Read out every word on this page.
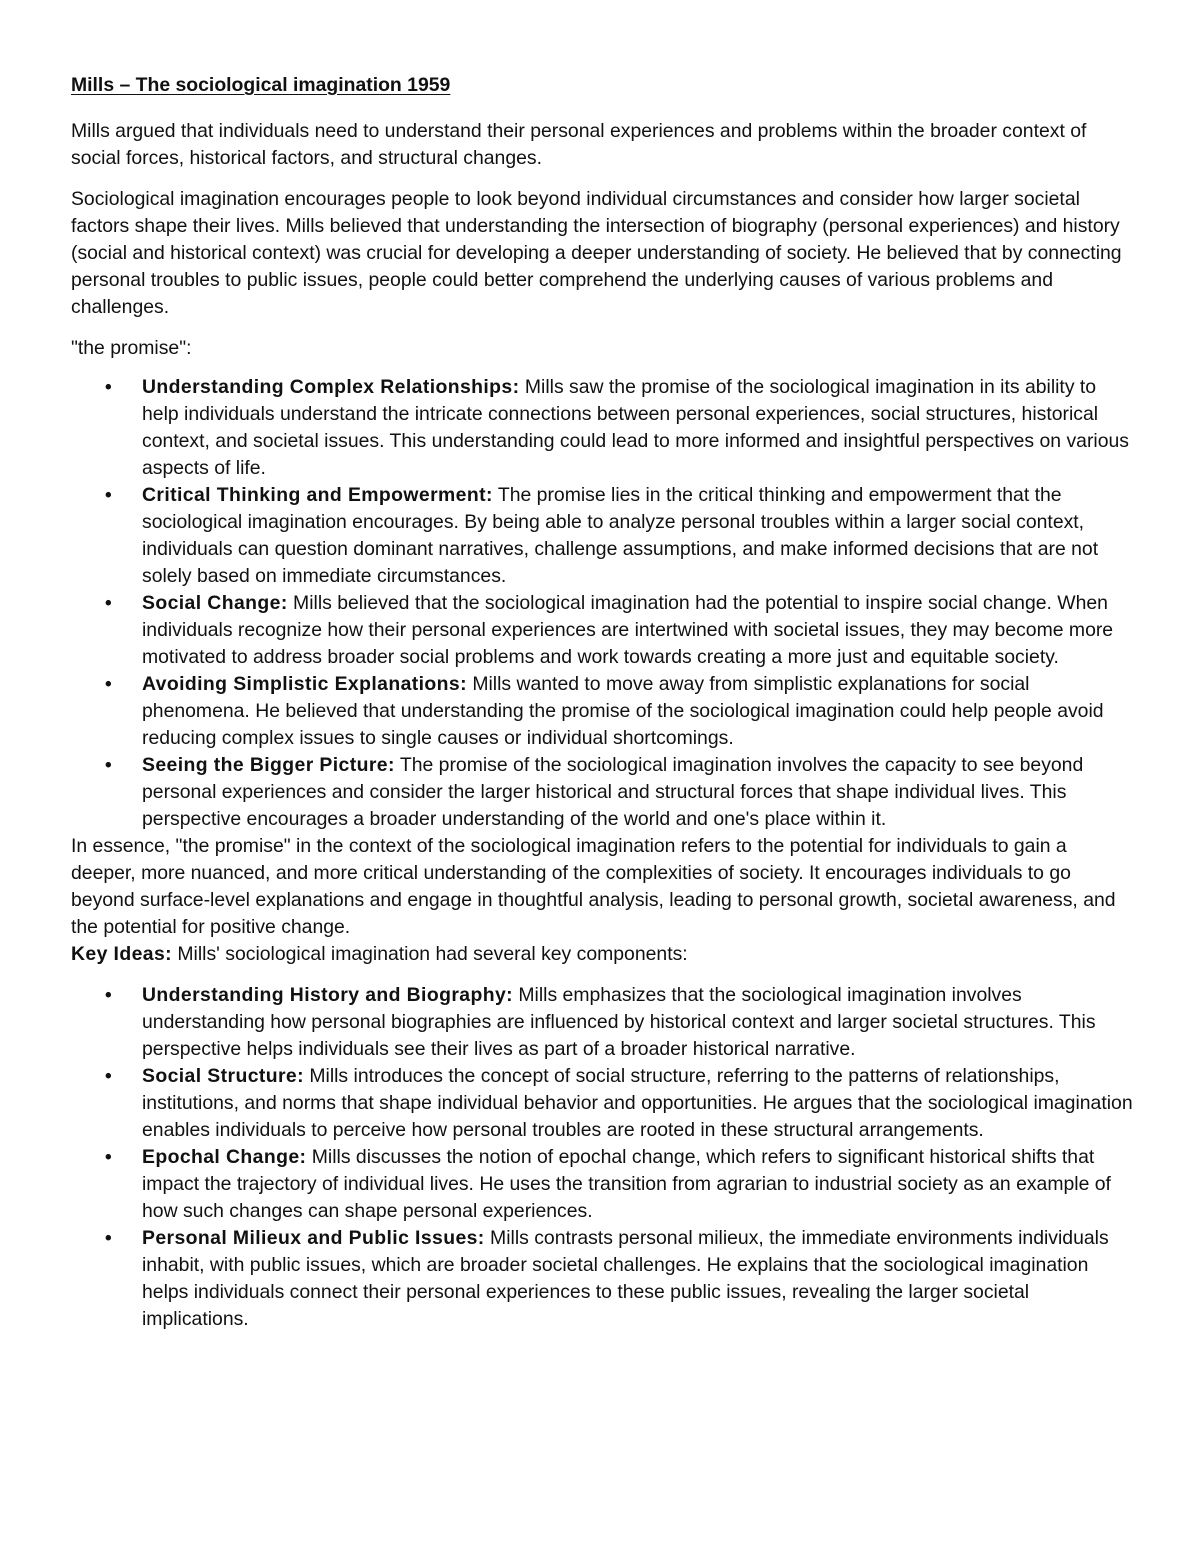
Mills – The sociological imagination 1959

Mills argued that individuals need to understand their personal experiences and problems within the broader context of social forces, historical factors, and structural changes.

Sociological imagination encourages people to look beyond individual circumstances and consider how larger societal factors shape their lives. Mills believed that understanding the intersection of biography (personal experiences) and history (social and historical context) was crucial for developing a deeper understanding of society. He believed that by connecting personal troubles to public issues, people could better comprehend the underlying causes of various problems and challenges.

"the promise":

•
Understanding Complex Relationships: Mills saw the promise of the sociological imagination in its ability to help individuals understand the intricate connections between personal experiences, social structures, historical context, and societal issues. This understanding could lead to more informed and insightful perspectives on various aspects of life.
•
Critical Thinking and Empowerment: The promise lies in the critical thinking and empowerment that the sociological imagination encourages. By being able to analyze personal troubles within a larger social context, individuals can question dominant narratives, challenge assumptions, and make informed decisions that are not solely based on immediate circumstances.
•
Social Change: Mills believed that the sociological imagination had the potential to inspire social change. When individuals recognize how their personal experiences are intertwined with societal issues, they may become more motivated to address broader social problems and work towards creating a more just and equitable society.
•
Avoiding Simplistic Explanations: Mills wanted to move away from simplistic explanations for social phenomena. He believed that understanding the promise of the sociological imagination could help people avoid reducing complex issues to single causes or individual shortcomings.
•
Seeing the Bigger Picture: The promise of the sociological imagination involves the capacity to see beyond personal experiences and consider the larger historical and structural forces that shape individual lives. This perspective encourages a broader understanding of the world and one's place within it.

In essence, "the promise" in the context of the sociological imagination refers to the potential for individuals to gain a deeper, more nuanced, and more critical understanding of the complexities of society. It encourages individuals to go beyond surface-level explanations and engage in thoughtful analysis, leading to personal growth, societal awareness, and the potential for positive change.

Key Ideas: Mills' sociological imagination had several key components:

•
Understanding History and Biography: Mills emphasizes that the sociological imagination involves understanding how personal biographies are influenced by historical context and larger societal structures. This perspective helps individuals see their lives as part of a broader historical narrative.
•
Social Structure: Mills introduces the concept of social structure, referring to the patterns of relationships, institutions, and norms that shape individual behavior and opportunities. He argues that the sociological imagination enables individuals to perceive how personal troubles are rooted in these structural arrangements.
•
Epochal Change: Mills discusses the notion of epochal change, which refers to significant historical shifts that impact the trajectory of individual lives. He uses the transition from agrarian to industrial society as an example of how such changes can shape personal experiences.
•
Personal Milieux and Public Issues: Mills contrasts personal milieux, the immediate environments individuals inhabit, with public issues, which are broader societal challenges. He explains that the sociological imagination helps individuals connect their personal experiences to these public issues, revealing the larger societal implications.
